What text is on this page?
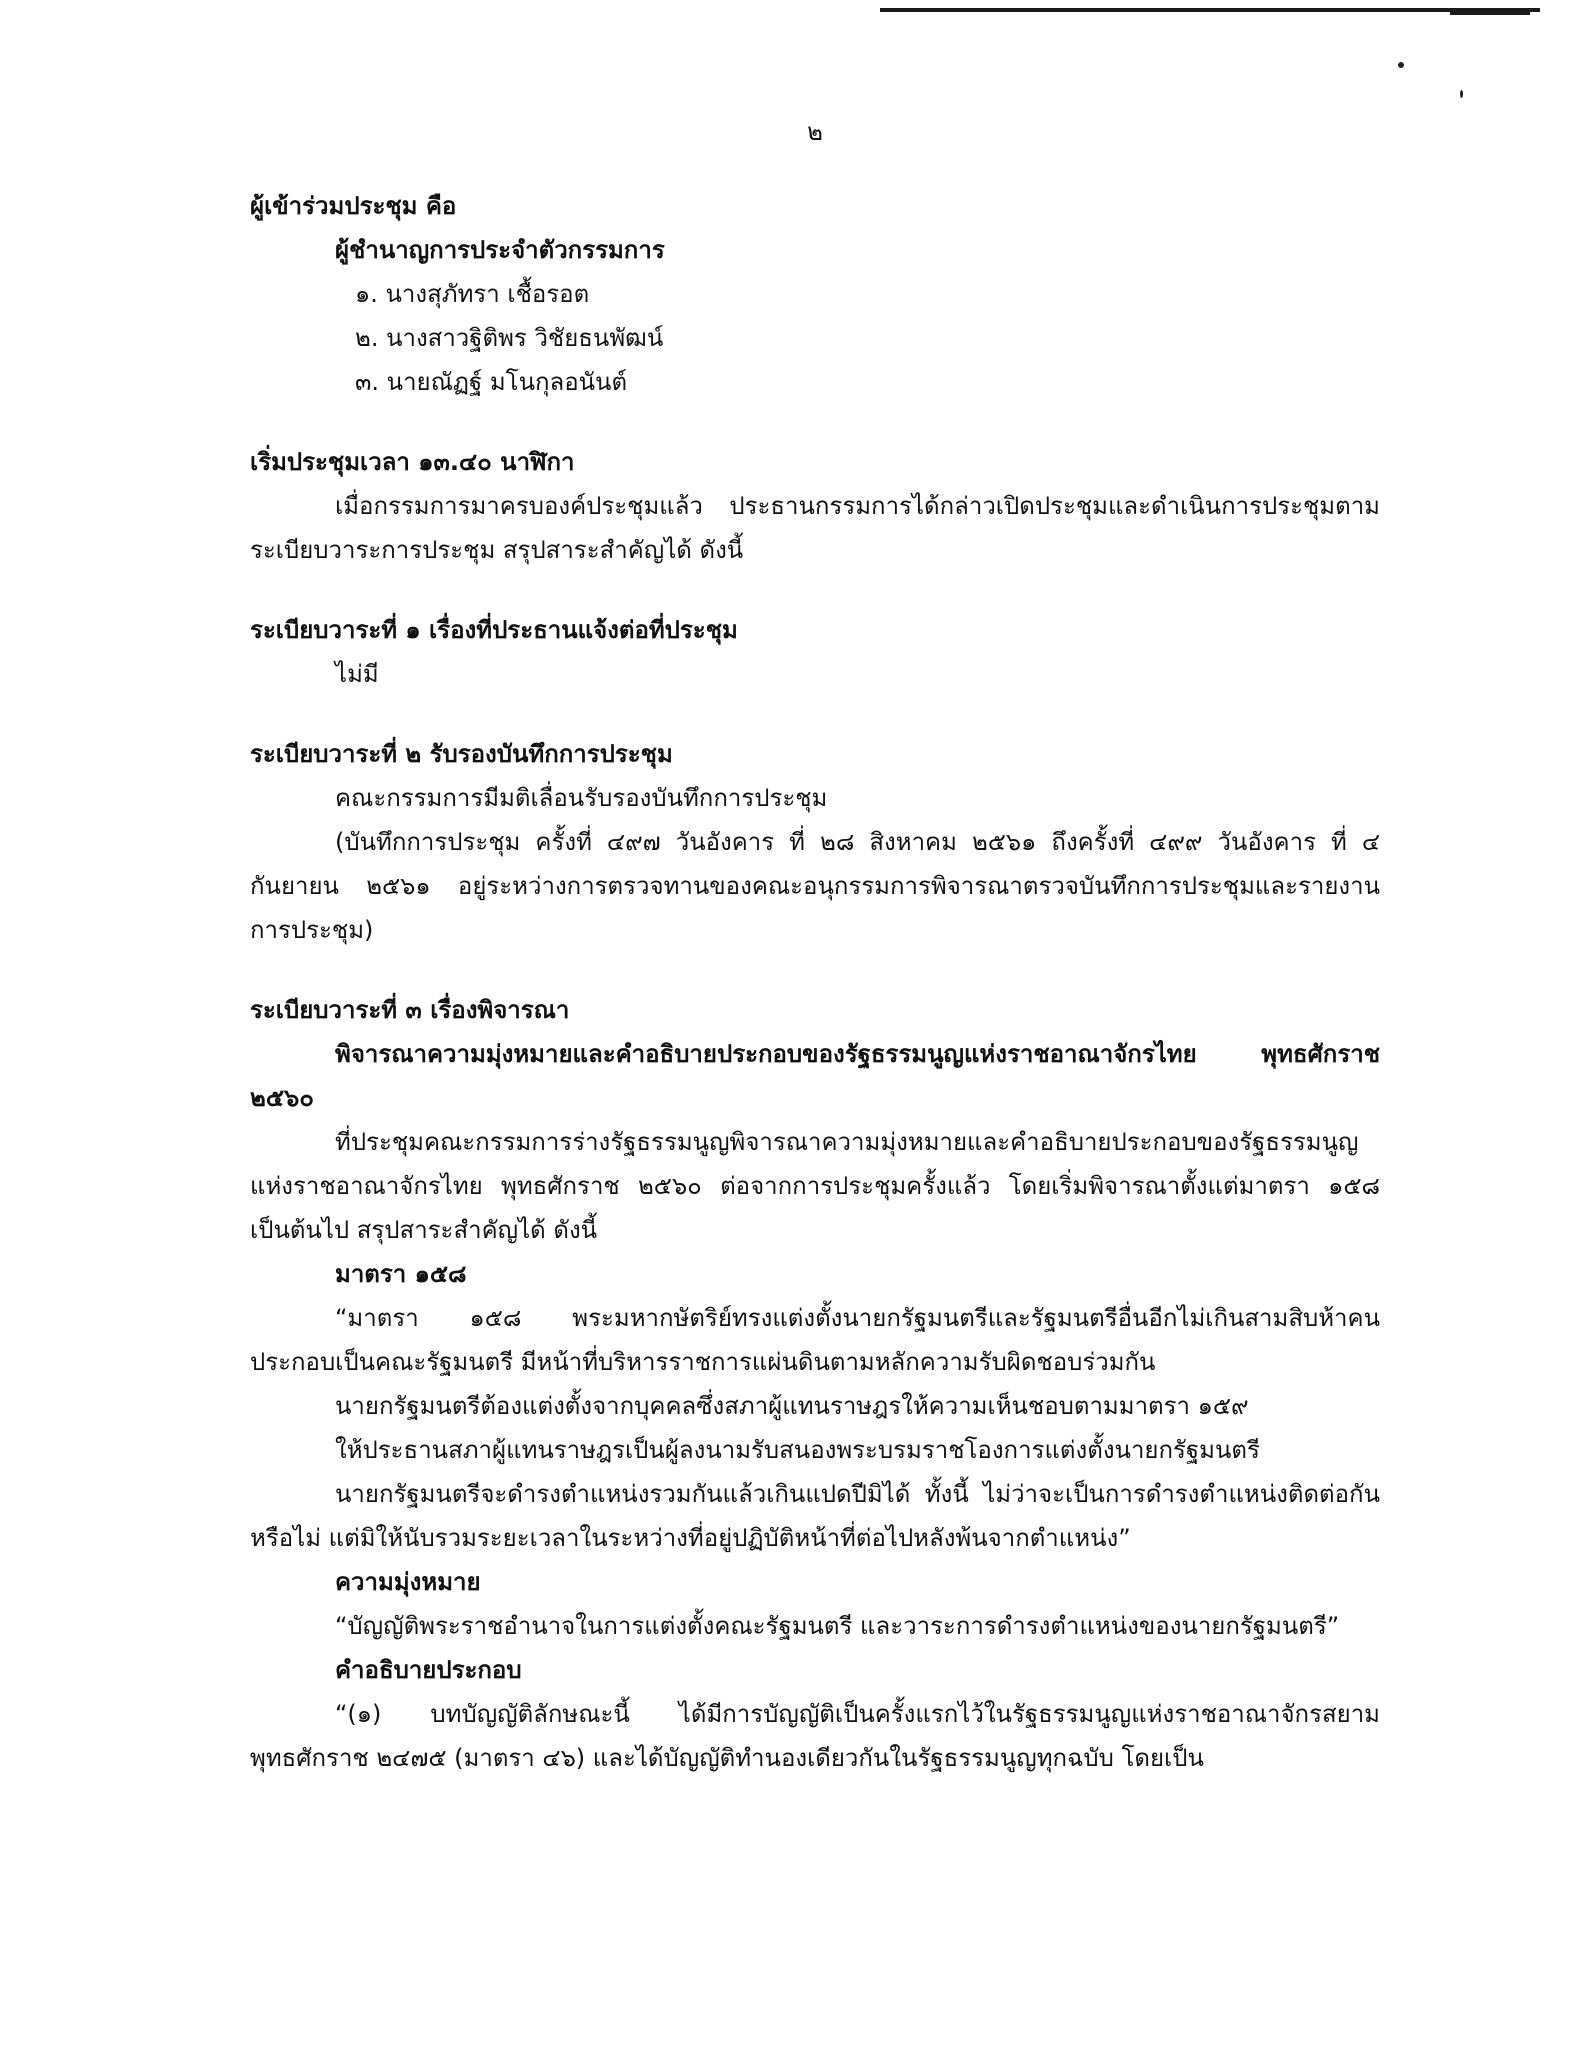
๒

ผู้เข้าร่วมประชุม คือ

ผู้ชำนาญการประจำตัวกรรมการ

๑. นางสุภัทรา เชื้อรอต

๒. นางสาวฐิติพร วิชัยธนพัฒน์

๓. นายณัฏฐ์ มโนกุลอนันต์

เริ่มประชุมเวลา ๑๓.๔๐ นาฬิกา

เมื่อกรรมการมาครบองค์ประชุมแล้ว ประธานกรรมการได้กล่าวเปิดประชุมและดำเนินการประชุมตามระเบียบวาระการประชุม สรุปสาระสำคัญได้ ดังนี้

ระเบียบวาระที่ ๑ เรื่องที่ประธานแจ้งต่อที่ประชุม

ไม่มี

ระเบียบวาระที่ ๒ รับรองบันทึกการประชุม

คณะกรรมการมีมติเลื่อนรับรองบันทึกการประชุม

(บันทึกการประชุม ครั้งที่ ๔๙๗ วันอังคาร ที่ ๒๘ สิงหาคม ๒๕๖๑ ถึงครั้งที่ ๔๙๙ วันอังคาร ที่ ๔ กันยายน ๒๕๖๑ อยู่ระหว่างการตรวจทานของคณะอนุกรรมการพิจารณาตรวจบันทึกการประชุมและรายงานการประชุม)

ระเบียบวาระที่ ๓ เรื่องพิจารณา

พิจารณาความมุ่งหมายและคำอธิบายประกอบของรัฐธรรมนูญแห่งราชอาณาจักรไทย พุทธศักราช ๒๕๖๐

ที่ประชุมคณะกรรมการร่างรัฐธรรมนูญพิจารณาความมุ่งหมายและคำอธิบายประกอบของรัฐธรรมนูญแห่งราชอาณาจักรไทย พุทธศักราช ๒๕๖๐ ต่อจากการประชุมครั้งแล้ว โดยเริ่มพิจารณาตั้งแต่มาตรา ๑๕๘ เป็นต้นไป สรุปสาระสำคัญได้ ดังนี้

มาตรา ๑๕๘

“มาตรา ๑๕๘ พระมหากษัตริย์ทรงแต่งตั้งนายกรัฐมนตรีและรัฐมนตรีอื่นอีกไม่เกินสามสิบห้าคน ประกอบเป็นคณะรัฐมนตรี มีหน้าที่บริหารราชการแผ่นดินตามหลักความรับผิดชอบร่วมกัน

นายกรัฐมนตรีต้องแต่งตั้งจากบุคคลซึ่งสภาผู้แทนราษฎรให้ความเห็นชอบตามมาตรา ๑๕๙

ให้ประธานสภาผู้แทนราษฎรเป็นผู้ลงนามรับสนองพระบรมราชโองการแต่งตั้งนายกรัฐมนตรี

นายกรัฐมนตรีจะดำรงตำแหน่งรวมกันแล้วเกินแปดปีมิได้ ทั้งนี้ ไม่ว่าจะเป็นการดำรงตำแหน่งติดต่อกันหรือไม่ แต่มิให้นับรวมระยะเวลาในระหว่างที่อยู่ปฏิบัติหน้าที่ต่อไปหลังพ้นจากตำแหน่ง”

ความมุ่งหมาย

“บัญญัติพระราชอำนาจในการแต่งตั้งคณะรัฐมนตรี และวาระการดำรงตำแหน่งของนายกรัฐมนตรี”

คำอธิบายประกอบ

“(๑) บทบัญญัติลักษณะนี้ ได้มีการบัญญัติเป็นครั้งแรกไว้ในรัฐธรรมนูญแห่งราชอาณาจักรสยาม พุทธศักราช ๒๔๗๕ (มาตรา ๔๖) และได้บัญญัติทำนองเดียวกันในรัฐธรรมนูญทุกฉบับ โดยเป็น
